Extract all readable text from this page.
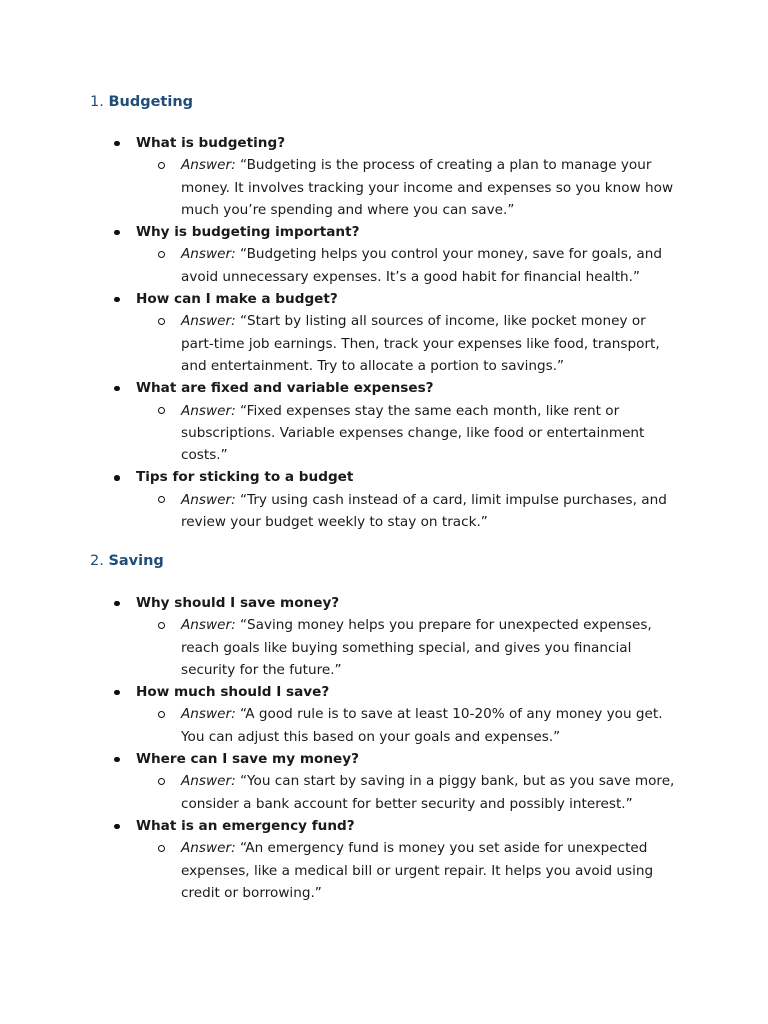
1. Budgeting
What is budgeting?
Answer: “Budgeting is the process of creating a plan to manage your money. It involves tracking your income and expenses so you know how much you’re spending and where you can save.”
Why is budgeting important?
Answer: “Budgeting helps you control your money, save for goals, and avoid unnecessary expenses. It’s a good habit for financial health.”
How can I make a budget?
Answer: “Start by listing all sources of income, like pocket money or part-time job earnings. Then, track your expenses like food, transport, and entertainment. Try to allocate a portion to savings.”
What are fixed and variable expenses?
Answer: “Fixed expenses stay the same each month, like rent or subscriptions. Variable expenses change, like food or entertainment costs.”
Tips for sticking to a budget
Answer: “Try using cash instead of a card, limit impulse purchases, and review your budget weekly to stay on track.”
2. Saving
Why should I save money?
Answer: “Saving money helps you prepare for unexpected expenses, reach goals like buying something special, and gives you financial security for the future.”
How much should I save?
Answer: “A good rule is to save at least 10-20% of any money you get. You can adjust this based on your goals and expenses.”
Where can I save my money?
Answer: “You can start by saving in a piggy bank, but as you save more, consider a bank account for better security and possibly interest.”
What is an emergency fund?
Answer: “An emergency fund is money you set aside for unexpected expenses, like a medical bill or urgent repair. It helps you avoid using credit or borrowing.”
